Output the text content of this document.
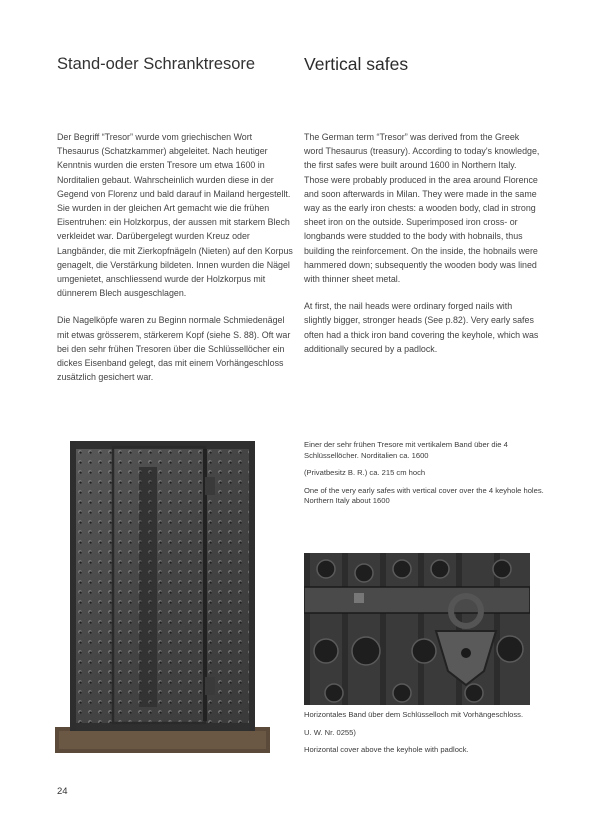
Stand-oder Schranktresore	Vertical safes

Der Begriff “Tresor” wurde vom griechischen Wort Thesaurus (Schatzkammer) abgeleitet. Nach heutiger Kenntnis wurden die ersten Tresore um etwa 1600 in Norditalien gebaut. Wahrscheinlich wurden diese in der Gegend von Florenz und bald darauf in Mailand hergestellt. Sie wurden in der gleichen Art gemacht wie die frühen Eisentruhen: ein Holzkorpus, der aussen mit starkem Blech verkleidet war. Darübergelegt wurden Kreuz oder Langbänder, die mit Zierkopfnägeln (Nieten) auf den Korpus genagelt, die Verstärkung bildeten. Innen wurden die Nägel umgenietet, anschliessend wurde der Holzkorpus mit dünnerem Blech ausgeschlagen.

Die Nagelköpfe waren zu Beginn normale Schmiedenägel mit etwas grösserem, stärkerem Kopf (siehe S. 88). Oft war bei den sehr frühen Tresoren über die Schlüssellöcher ein dickes Eisenband gelegt, das mit einem Vorhängeschloss zusätzlich gesichert war.

The German term “Tresor” was derived from the Greek word Thesaurus (treasury). According to today's knowledge, the first safes were built around 1600 in Northern Italy. Those were probably produced in the area around Florence and soon afterwards in Milan. They were made in the same way as the early iron chests: a wooden body, clad in strong sheet iron on the outside. Superimposed iron cross- or longbands were studded to the body with hobnails, thus building the reinforcement. On the inside, the hobnails were hammered down; subsequently the wooden body was lined with thinner sheet metal.

At first, the nail heads were ordinary forged nails with slightly bigger, stronger heads (See p.82). Very early safes often had a thick iron band covering the keyhole, which was additionally secured by a padlock.

Einer der sehr frühen Tresore mit vertikalem Band über die 4 Schlüssellöcher. Norditalien ca. 1600

(Privatbesitz B. R.) ca. 215 cm hoch

One of the very early safes with vertical cover over the 4 keyhole holes. Northern Italy about 1600

Horizontales Band über dem Schlüsselloch mit Vorhängeschloss.

U. W. Nr. 0255)

Horizontal cover above the keyhole with padlock.

24
